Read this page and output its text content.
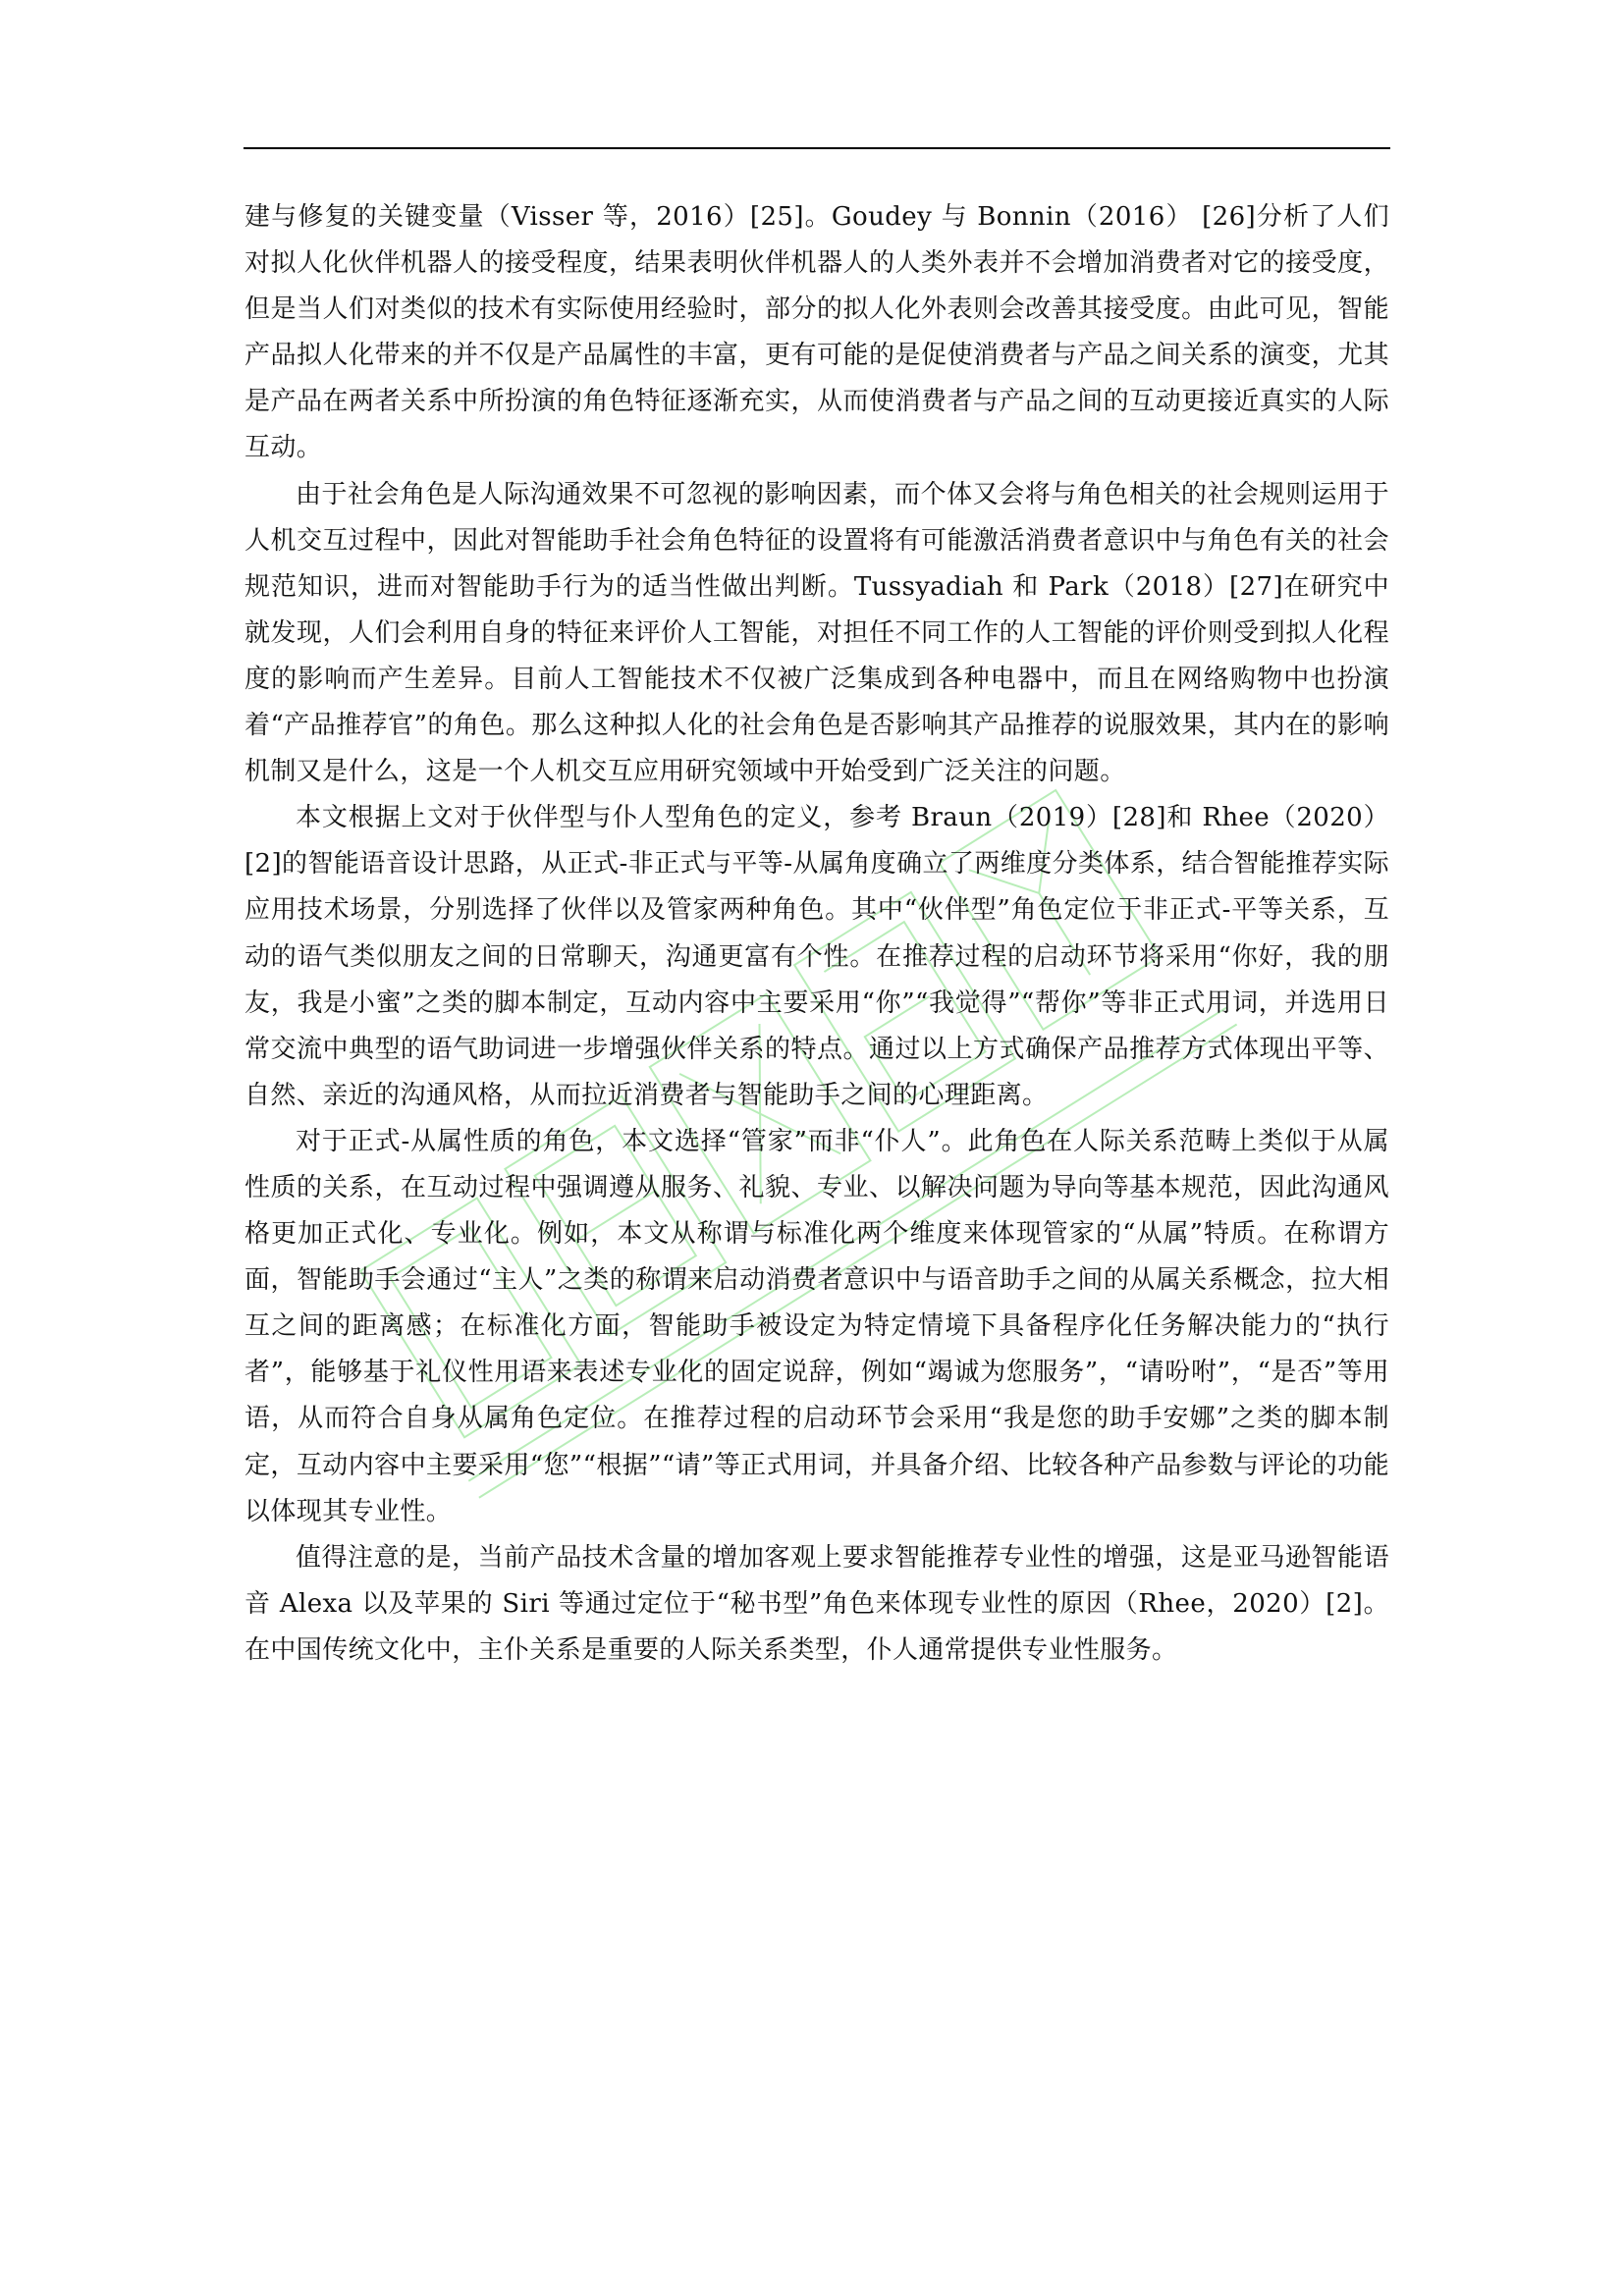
建与修复的关键变量（Visser 等，2016）[25]。Goudey 与 Bonnin（2016） [26]分析了人们对拟人化伙伴机器人的接受程度，结果表明伙伴机器人的人类外表并不会增加消费者对它的接受度，但是当人们对类似的技术有实际使用经验时，部分的拟人化外表则会改善其接受度。由此可见，智能产品拟人化带来的并不仅是产品属性的丰富，更有可能的是促使消费者与产品之间关系的演变，尤其是产品在两者关系中所扮演的角色特征逐渐充实，从而使消费者与产品之间的互动更接近真实的人际互动。

由于社会角色是人际沟通效果不可忽视的影响因素，而个体又会将与角色相关的社会规则运用于人机交互过程中，因此对智能助手社会角色特征的设置将有可能激活消费者意识中与角色有关的社会规范知识，进而对智能助手行为的适当性做出判断。Tussyadiah 和 Park（2018）[27]在研究中就发现，人们会利用自身的特征来评价人工智能，对担任不同工作的人工智能的评价则受到拟人化程度的影响而产生差异。目前人工智能技术不仅被广泛集成到各种电器中，而且在网络购物中也扮演着“产品推荐官”的角色。那么这种拟人化的社会角色是否影响其产品推荐的说服效果，其内在的影响机制又是什么，这是一个人机交互应用研究领域中开始受到广泛关注的问题。

本文根据上文对于伙伴型与仆人型角色的定义，参考 Braun（2019）[28]和 Rhee（2020）[2]的智能语音设计思路，从正式-非正式与平等-从属角度确立了两维度分类体系，结合智能推荐实际应用技术场景，分别选择了伙伴以及管家两种角色。其中“伙伴型”角色定位于非正式-平等关系，互动的语气类似朋友之间的日常聊天，沟通更富有个性。在推荐过程的启动环节将采用“你好，我的朋友，我是小蜜”之类的脚本制定，互动内容中主要采用“你”“我觉得”“帮你”等非正式用词，并选用日常交流中典型的语气助词进一步增强伙伴关系的特点。通过以上方式确保产品推荐方式体现出平等、自然、亲近的沟通风格，从而拉近消费者与智能助手之间的心理距离。

对于正式-从属性质的角色，本文选择“管家”而非“仆人”。此角色在人际关系范畴上类似于从属性质的关系，在互动过程中强调遵从服务、礼貌、专业、以解决问题为导向等基本规范，因此沟通风格更加正式化、专业化。例如，本文从称谓与标准化两个维度来体现管家的“从属”特质。在称谓方面，智能助手会通过“主人”之类的称谓来启动消费者意识中与语音助手之间的从属关系概念，拉大相互之间的距离感；在标准化方面，智能助手被设定为特定情境下具备程序化任务解决能力的“执行者”，能够基于礼仪性用语来表述专业化的固定说辞，例如“竭诚为您服务”，“请吩咐”，“是否”等用语，从而符合自身从属角色定位。在推荐过程的启动环节会采用“我是您的助手安娜”之类的脚本制定，互动内容中主要采用“您”“根据”“请”等正式用词，并具备介绍、比较各种产品参数与评论的功能以体现其专业性。

值得注意的是，当前产品技术含量的增加客观上要求智能推荐专业性的增强，这是亚马逊智能语音 Alexa 以及苹果的 Siri 等通过定位于“秘书型”角色来体现专业性的原因（Rhee，2020）[2]。在中国传统文化中，主仆关系是重要的人际关系类型，仆人通常提供专业性服务。
